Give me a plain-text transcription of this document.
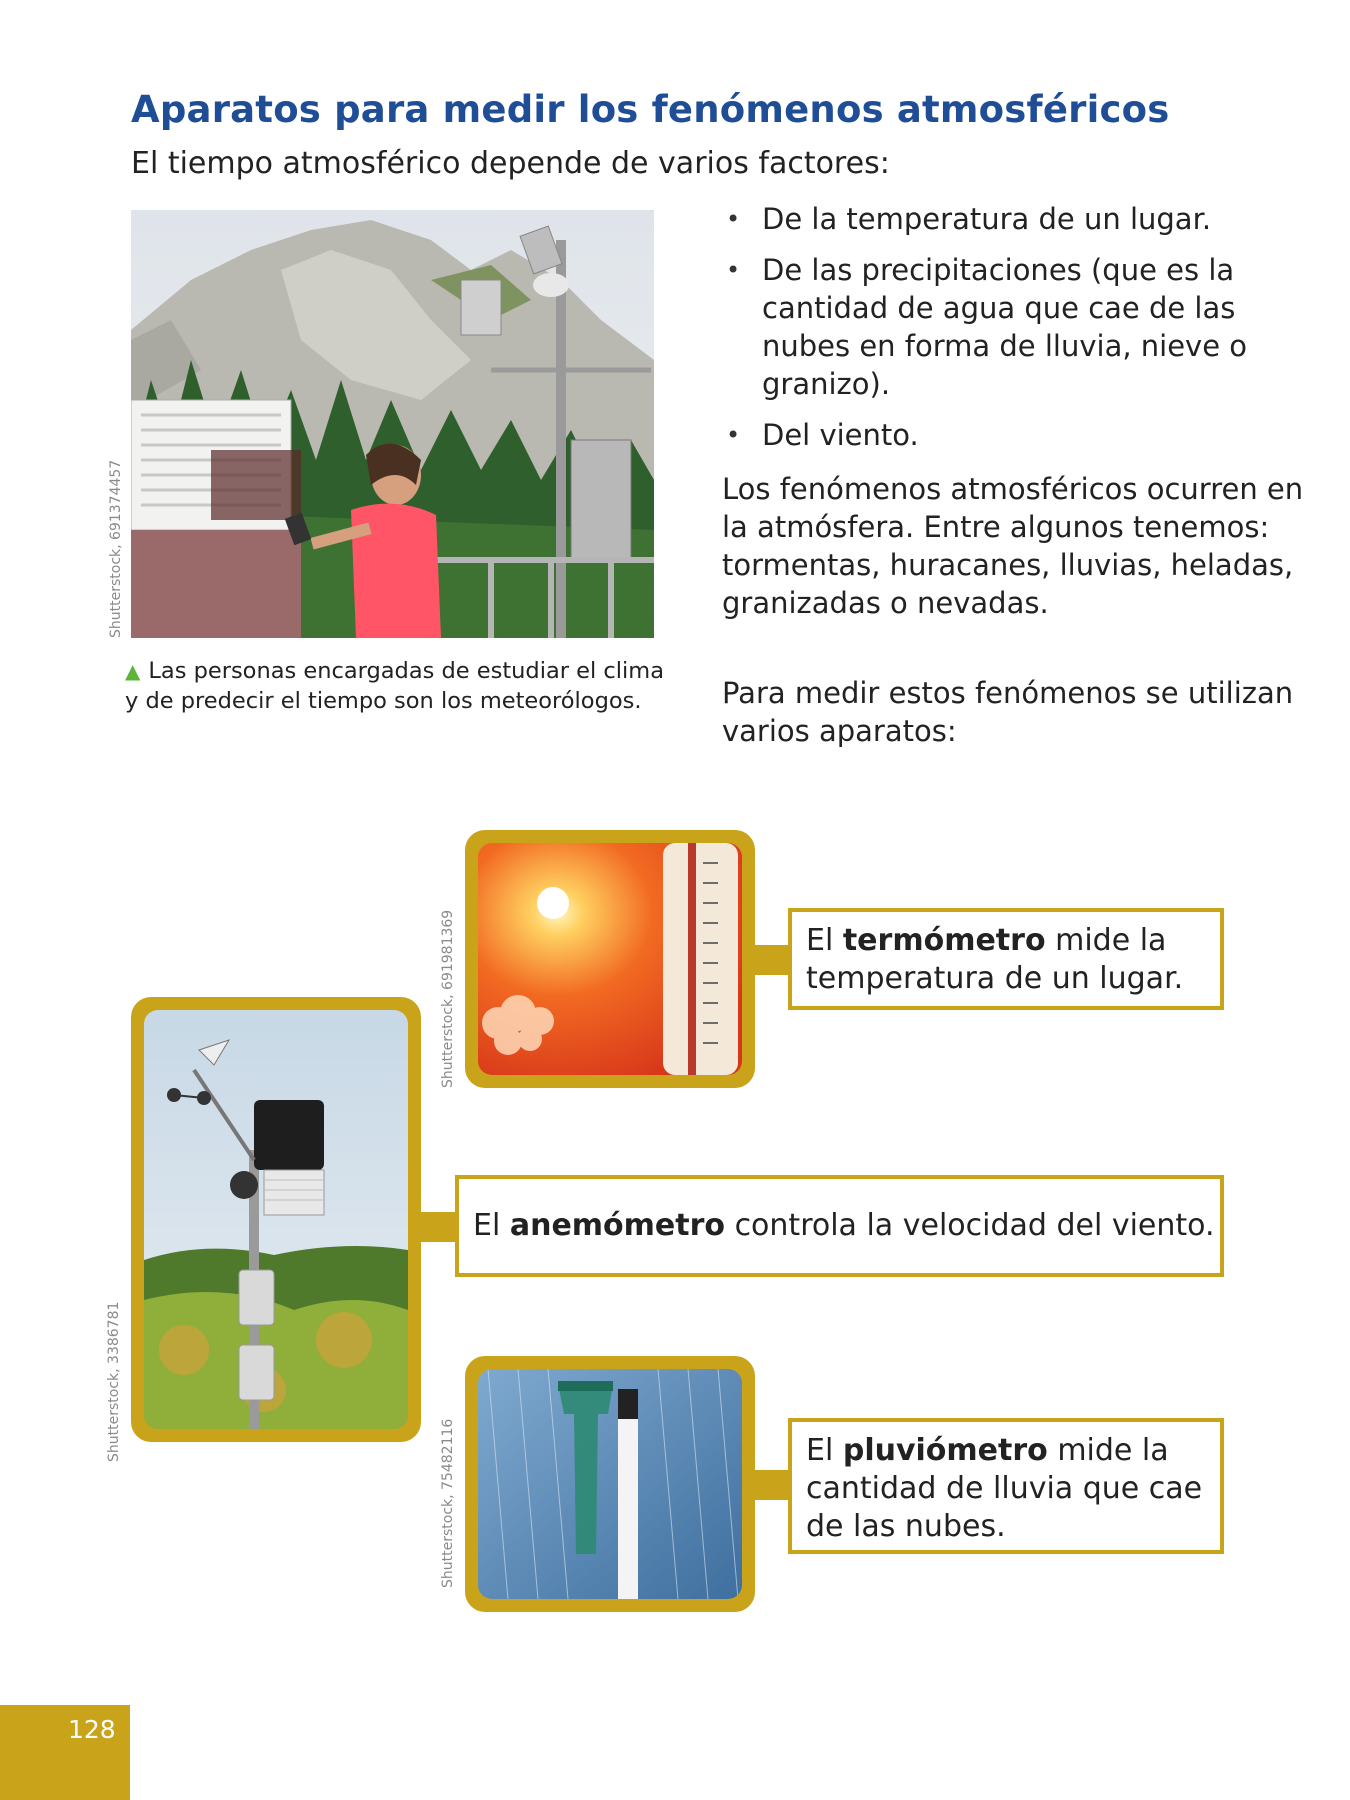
Aparatos para medir los fenómenos atmosféricos
El tiempo atmosférico depende de varios factores:
Shutterstock, 691374457
▲ Las personas encargadas de estudiar el clima y de predecir el tiempo son los meteorólogos.
• De la temperatura de un lugar.
• De las precipitaciones (que es la cantidad de agua que cae de las nubes en forma de lluvia, nieve o granizo).
• Del viento.
Los fenómenos atmosféricos ocurren en la atmósfera. Entre algunos tenemos: tormentas, huracanes, lluvias, heladas, granizadas o nevadas.
Para medir estos fenómenos se utilizan varios aparatos:
Shutterstock, 691981369	El termómetro mide la temperatura de un lugar.
Shutterstock, 3386781
El anemómetro controla la velocidad del viento.
Shutterstock, 75482116	El pluviómetro mide la cantidad de lluvia que cae de las nubes.
128
